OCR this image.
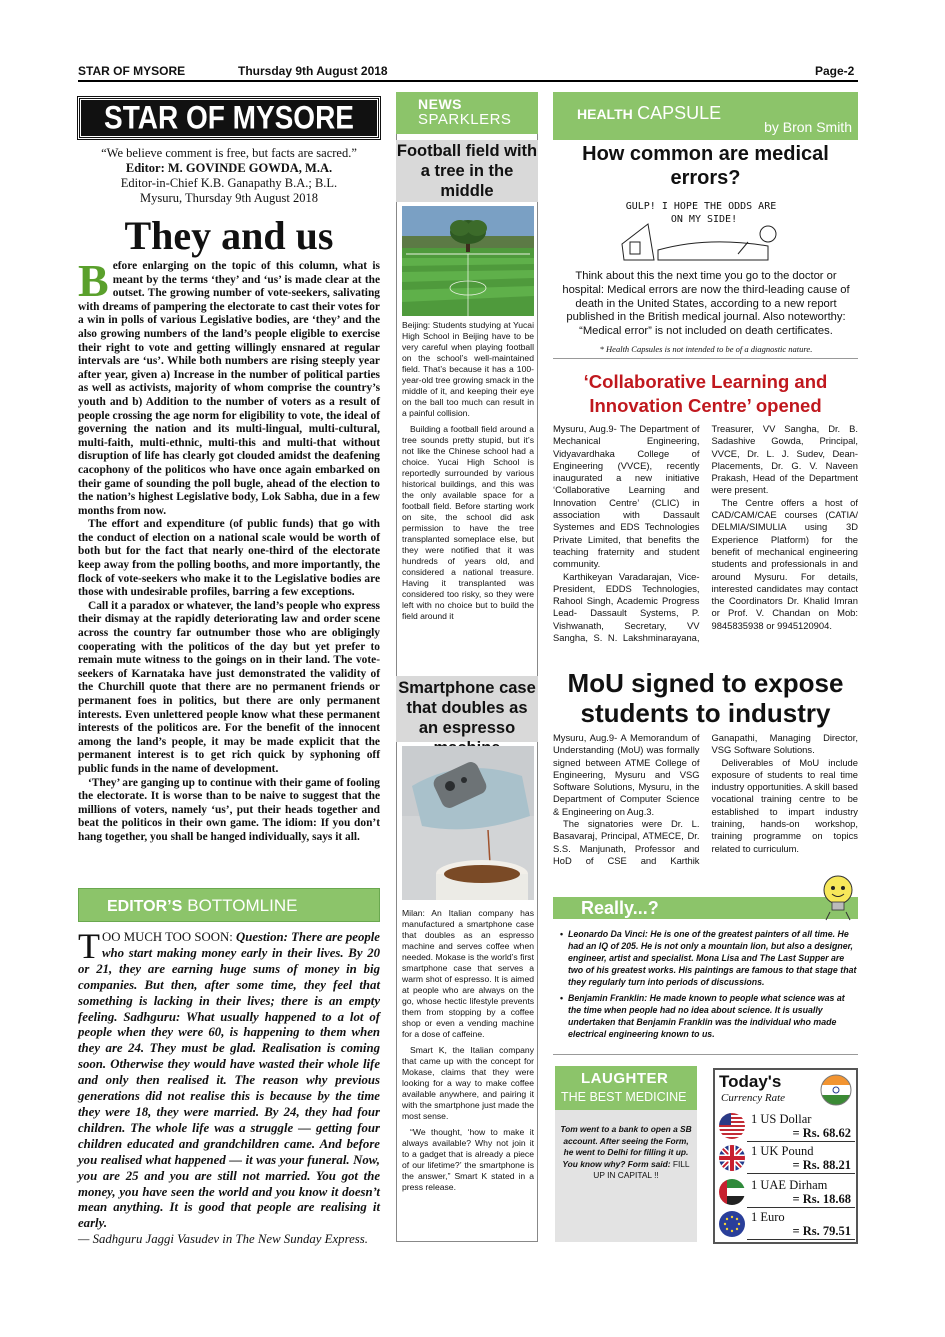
STAR OF MYSORE	Thursday 9th August 2018	Page-2
STAR OF MYSORE
“We believe comment is free, but facts are sacred.”
Editor: M. GOVINDE GOWDA, M.A.
Editor-in-Chief K.B. Ganapathy B.A.; B.L.
Mysuru, Thursday 9th August 2018
They and us

Before enlarging on the topic of this column, what is meant by the terms ‘they’ and ‘us’ is made clear at the outset. The growing number of vote-seekers, salivating with dreams of pampering the electorate to cast their votes for a win in polls of various Legislative bodies, are ‘they’ and the also growing numbers of the land’s people eligible to exercise their right to vote and getting willingly ensnared at regular intervals are ‘us’. While both numbers are rising steeply year after year, given a) Increase in the number of political parties as well as activists, majority of whom comprise the country’s youth and b) Addition to the number of voters as a result of people crossing the age norm for eligibility to vote, the ideal of governing the nation and its multi-lingual, multi-cultural, multi-faith, multi-ethnic, multi-this and multi-that without disruption of life has clearly got clouded amidst the deafening cacophony of the politicos who have once again embarked on their game of sounding the poll bugle, ahead of the election to the nation’s highest Legislative body, Lok Sabha, due in a few months from now.

The effort and expenditure (of public funds) that go with the conduct of election on a national scale would be worth of both but for the fact that nearly one-third of the electorate keep away from the polling booths, and more importantly, the flock of vote-seekers who make it to the Legislative bodies are those with undesirable profiles, barring a few exceptions.

Call it a paradox or whatever, the land’s people who express their dismay at the rapidly deteriorating law and order scene across the country far outnumber those who are obligingly cooperating with the politicos of the day but yet prefer to remain mute witness to the goings on in their land. The vote-seekers of Karnataka have just demonstrated the validity of the Churchill quote that there are no permanent friends or permanent foes in politics, but there are only permanent interests. Even unlettered people know what these permanent interests of the politicos are. For the benefit of the innocent among the land’s people, it may be made explicit that the permanent interest is to get rich quick by syphoning off public funds in the name of development.

‘They’ are ganging up to continue with their game of fooling the electorate. It is worse than to be naive to suggest that the millions of voters, namely ‘us’, put their heads together and beat the politicos in their own game. The idiom: If you don’t hang together, you shall be hanged individually, says it all.

EDITOR’S BOTTOMLINE
TOO MUCH TOO SOON: Question: There are people who start making money early in their lives. By 20 or 21, they are earning huge sums of money in big companies. But then, after some time, they feel that something is lacking in their lives; there is an empty feeling. Sadhguru: What usually happened to a lot of people when they were 60, is happening to them when they are 24. They must be glad. Realisation is coming soon. Otherwise they would have wasted their whole life and only then realised it. The reason why previous generations did not realise this is because by the time they were 18, they were married. By 24, they had four children. The whole life was a struggle — getting four children educated and grandchildren came. And before you realised what happened — it was your funeral. Now, you are 25 and you are still not married. You got the money, you have seen the world and you know it doesn’t mean anything. It is good that people are realising it early.
— Sadhguru Jaggi Vasudev in The New Sunday Express.
NEWS
SPARKLERS
Football field with a tree in the middle

Beijing: Students studying at Yucai High School in Beijing have to be very careful when playing football on the school’s well-maintained field. That’s because it has a 100-year-old tree growing smack in the middle of it, and keeping their eye on the ball too much can result in a painful collision.

Building a football field around a tree sounds pretty stupid, but it’s not like the Chinese school had a choice. Yucai High School is reportedly surrounded by various historical buildings, and this was the only available space for a football field. Before starting work on site, the school did ask permission to have the tree transplanted someplace else, but they were notified that it was hundreds of years old, and considered a national treasure. Having it transplanted was considered too risky, so they were left with no choice but to build the field around it

Smartphone case that doubles as an espresso

Milan: An Italian company has manufactured a smartphone case that doubles as an espresso machine and serves coffee when needed. Mokase is the world’s first smartphone case that serves a warm shot of espresso. It is aimed at people who are always on the go, whose hectic lifestyle prevents them from stopping by a coffee shop or even a vending machine for a dose of caffeine.

Smart K, the Italian company that came up with the concept for Mokase, claims that they were looking for a way to make coffee available anywhere, and pairing it with the smartphone just made the most sense.

“We thought, ‘how to make it always available? Why not join it to a gadget that is already a piece of our lifetime?’ the smartphone is the answer,” Smart K stated in a press release.

HEALTH CAPSULE
by Bron Smith
How common are medical errors?
GULP! I HOPE THE ODDS ARE ON MY SIDE!
Think about this the next time you go to the doctor or hospital: Medical errors are now the third-leading cause of death in the United States, according to a new report published in the British medical journal. Also noteworthy: “Medical error” is not included on death certificates.
* Health Capsules is not intended to be of a diagnostic nature.
‘Collaborative Learning and Innovation Centre’ opened

Mysuru, Aug.9- The Department of Mechanical Engineering, Vidyavardhaka College of Engineering (VVCE), recently inaugurated a new initiative ‘Collaborative Learning and Innovation Centre’ (CLIC) in association with Dassault Systemes and EDS Technologies Private Limited, that benefits the teaching fraternity and student community.

Karthikeyan Varadarajan, Vice-President, EDDS Technologies, Rahool Singh, Academic Progress Lead- Dassault Systems, P. Vishwanath, Secretary, VV Sangha, S. N. Lakshminarayana, Treasurer, VV Sangha, Dr. B. Sadashive Gowda, Principal, VVCE, Dr. L. J. Sudev, Dean-Placements, Dr. G. V. Naveen Prakash, Head of the Department were present.

The Centre offers a host of CAD/CAM/CAE courses (CATIA/ DELMIA/SIMULIA using 3D Experience Platform) for the benefit of mechanical engineering students and professionals in and around Mysuru. For details, interested candidates may contact the Coordinators Dr. Khalid Imran or Prof. V. Chandan on Mob: 9845835938 or 9945120904.

MoU signed to expose students to industry

Mysuru, Aug.9- A Memorandum of Understanding (MoU) was formally signed between ATME College of Engineering, Mysuru and VSG Software Solutions, Mysuru, in the Department of Computer Science & Engineering on Aug.3.

The signatories were Dr. L. Basavaraj, Principal, ATMECE, Dr. S.S. Manjunath, Professor and HoD of CSE and Karthik Ganapathi, Managing Director, VSG Software Solutions.

Deliverables of MoU include exposure of students to real time industry opportunities. A skill based vocational training centre to be established to impart industry training, hands-on workshop, training programme on topics related to curriculum.

Really...?
• Leonardo Da Vinci: He is one of the greatest painters of all time. He had an IQ of 205. He is not only a mountain lion, but also a designer, engineer, artist and specialist. Mona Lisa and The Last Supper are two of his greatest works. His paintings are famous to that stage that they regularly turn into periods of discussions.
• Benjamin Franklin: He made known to people what science was at the time when people had no idea about science. It is usually undertaken that Benjamin Franklin was the individual who made electrical engineering known to us.
LAUGHTER
THE BEST MEDICINE
Tom went to a bank to open a SB account. After seeing the Form, he went to Delhi for filling it up. You know why? Form said: FILL UP IN CAPITAL !!
Today's
Currency Rate
1 US Dollar
= Rs. 68.62
1 UK Pound
= Rs. 88.21
1 UAE Dirham
= Rs. 18.68
1 Euro
= Rs. 79.51
